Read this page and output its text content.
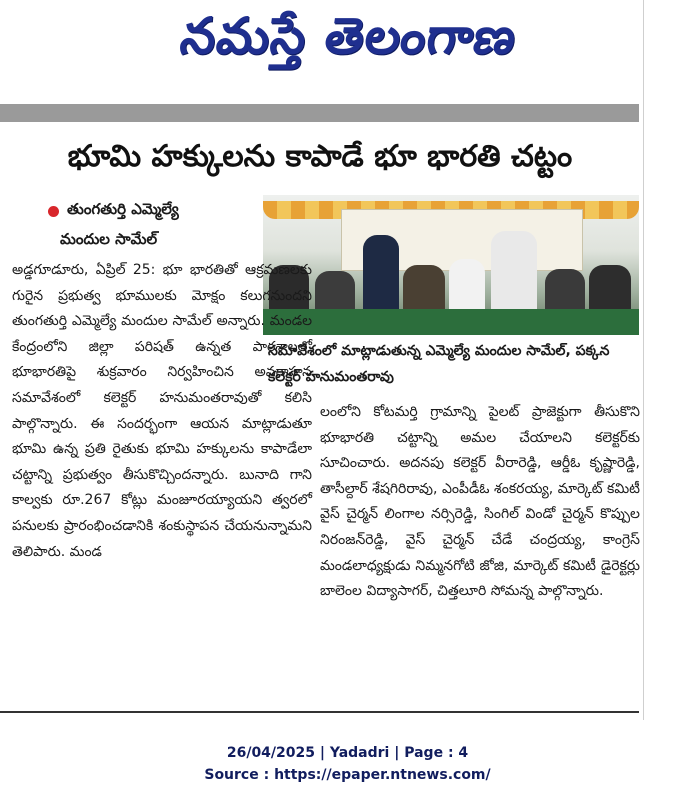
నమస్తే తెలంగాణ
భూమి హక్కులను కాపాడే భూ భారతి చట్టం
తుంగతుర్తి ఎమ్మెల్యే
మందుల సామేల్
సమావేశంలో మాట్లాడుతున్న ఎమ్మెల్యే మందుల సామేల్, పక్కన కలెక్టర్ హనుమంతరావు
అడ్డగూడూరు, ఏప్రిల్ 25: భూ భారతితో ఆక్రమణలకు గురైన ప్రభుత్వ భూములకు మోక్షం కలుగనుందని తుంగతుర్తి ఎమ్మెల్యే మందుల సామేల్ అన్నారు. మండల కేంద్రంలోని జిల్లా పరిషత్ ఉన్నత పాఠశాలలో భూభారతిపై శుక్రవారం నిర్వహించిన అవగాహన సమావేశంలో కలెక్టర్ హనుమంతరావుతో కలిసి పాల్గొన్నారు. ఈ సందర్భంగా ఆయన మాట్లాడుతూ భూమి ఉన్న ప్రతి రైతుకు భూమి హక్కులను కాపాడేలా చట్టాన్ని ప్రభుత్వం తీసుకొచ్చిందన్నారు. బునాది గాని కాల్వకు రూ.267 కోట్లు మంజూరయ్యాయని త్వరలో పనులకు ప్రారంభించడానికి శంకుస్థాపన చేయనున్నామని తెలిపారు. మండ
లంలోని కోటమర్తి గ్రామాన్ని పైలట్ ప్రాజెక్టుగా తీసుకొని భూభారతి చట్టాన్ని అమల చేయాలని కలెక్టర్‌కు సూచించారు. అదనపు కలెక్టర్ వీరారెడ్డి, ఆర్డీఓ కృష్ణారెడ్డి, తాసీల్దార్ శేషగిరిరావు, ఎంపీడీఓ శంకరయ్య, మార్కెట్ కమిటీ వైస్ చైర్మన్ లింగాల నర్సిరెడ్డి, సింగిల్ విండో చైర్మన్ కొప్పుల నిరంజన్‌రెడ్డి, వైస్ చైర్మన్ చేడే చంద్రయ్య, కాంగ్రెస్ మండలాధ్యక్షుడు నిమ్మనగోటి జోజి, మార్కెట్ కమిటీ డైరెక్టర్లు బాలెంల విద్యాసాగర్, చిత్తలూరి సోమన్న పాల్గొన్నారు.
26/04/2025 | Yadadri | Page : 4
Source : https://epaper.ntnews.com/
